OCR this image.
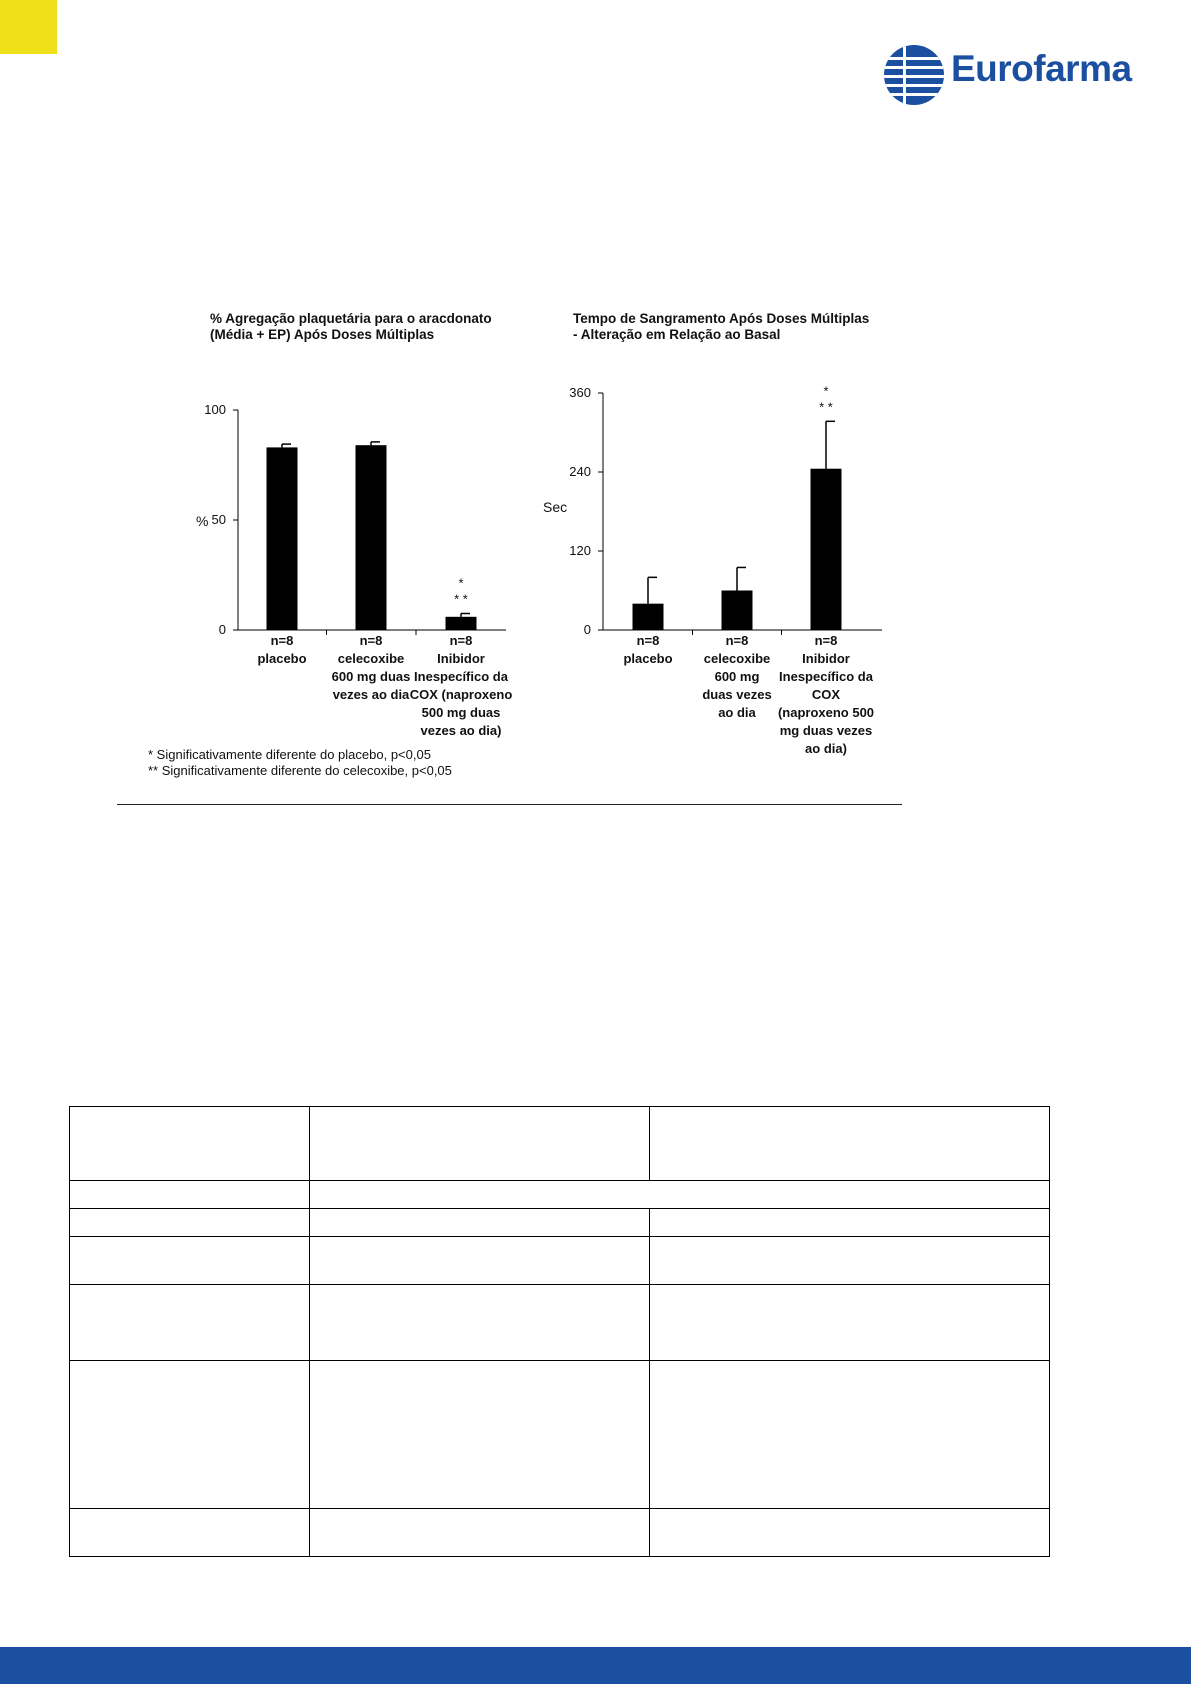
Eurofarma
% Agregação plaquetária para o aracdonato
(Média + EP) Após Doses Múltiplas
100
50
0
%
*
* *
n=8
placebo
n=8
celecoxibe
600 mg duas
vezes ao dia
n=8
Inibidor
Inespecífico da
COX (naproxeno
500 mg duas
vezes ao dia)
Tempo de Sangramento Após Doses Múltiplas
- Alteração em Relação ao Basal
360
240
120
0
Sec
*
* *
n=8
placebo
n=8
celecoxibe
600 mg
duas vezes
ao dia
n=8
Inibidor
Inespecífico da
COX
(naproxeno 500
mg duas vezes
ao dia)
* Significativamente diferente do placebo, p<0,05
** Significativamente diferente do celecoxibe, p<0,05
